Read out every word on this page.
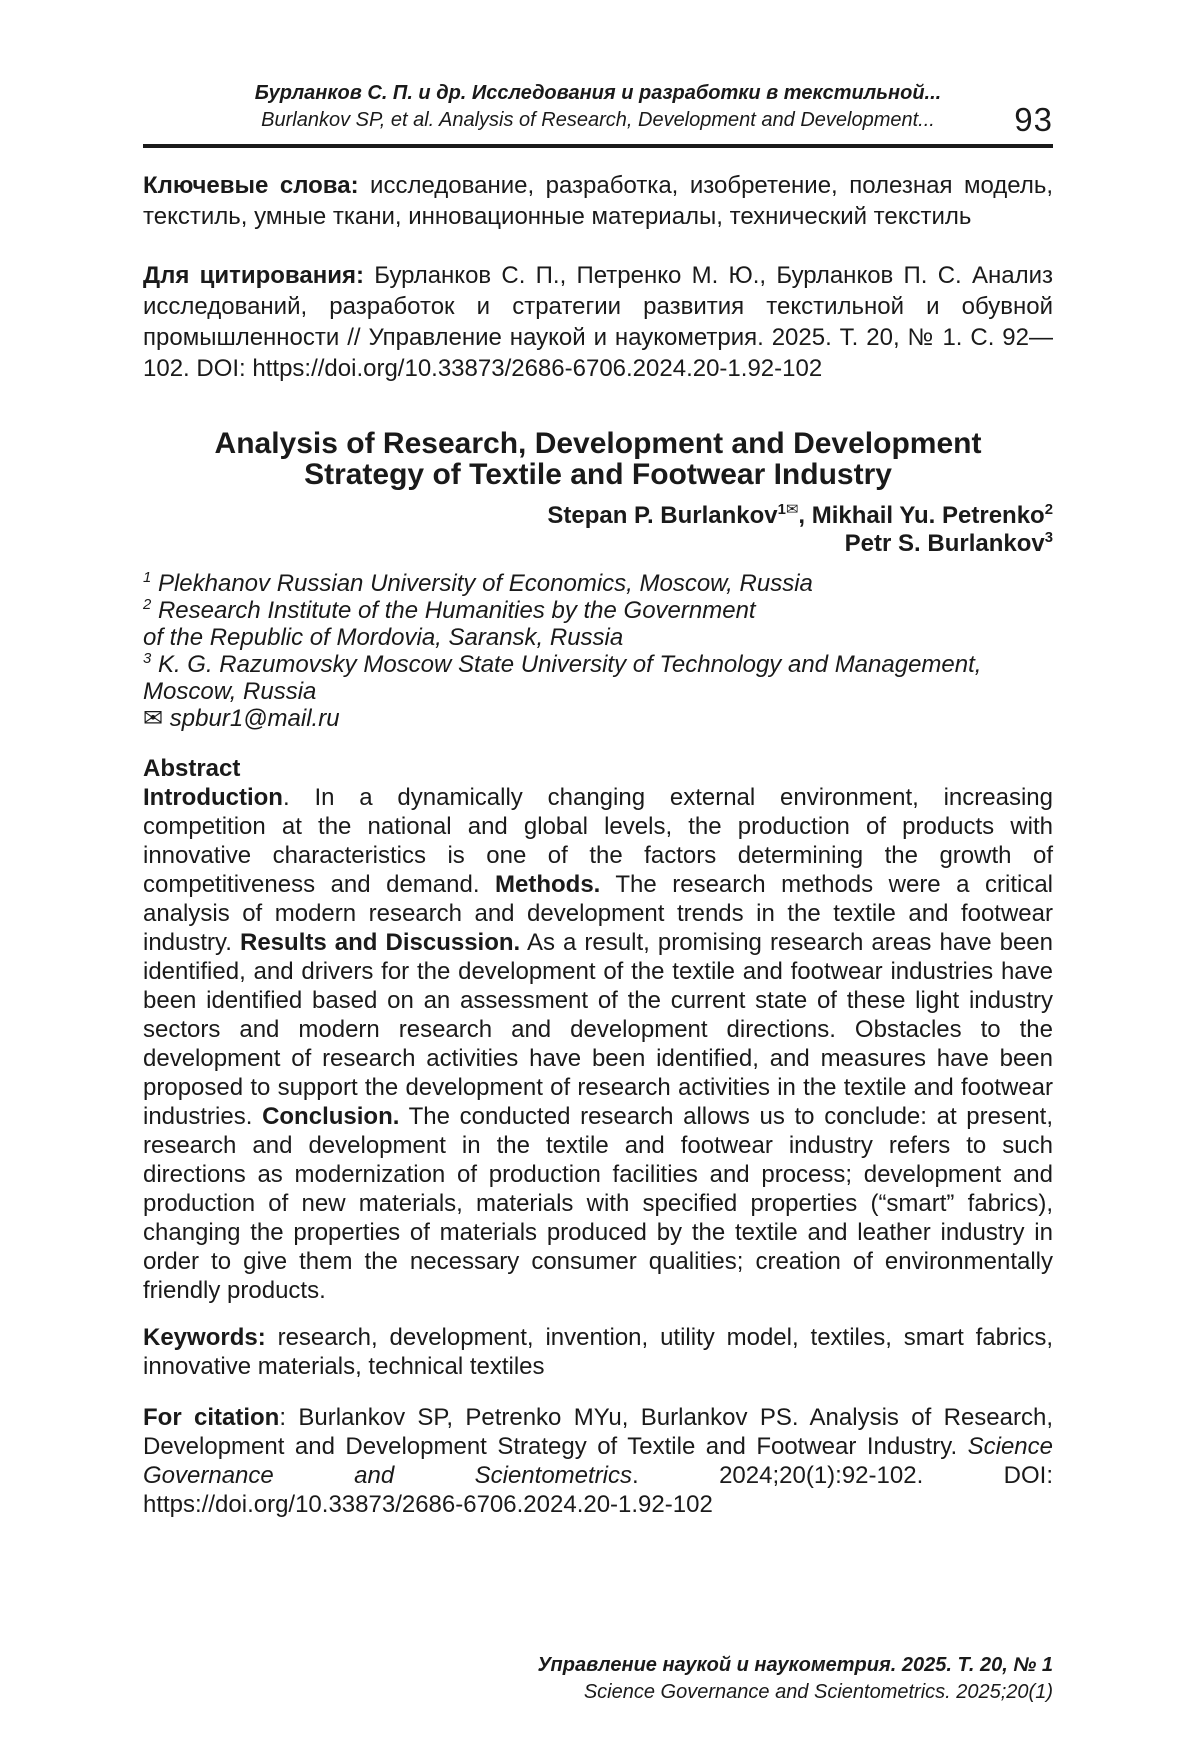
Бурланков С. П. и др. Исследования и разработки в текстильной...
Burlankov SP, et al. Analysis of Research, Development and Development...	93

Ключевые слова: исследование, разработка, изобретение, полезная модель, текстиль, умные ткани, инновационные материалы, технический текстиль

Для цитирования: Бурланков С. П., Петренко М. Ю., Бурланков П. С. Анализ исследований, разработок и стратегии развития текстильной и обувной промышленности // Управление наукой и наукометрия. 2025. Т. 20, № 1. С. 92—102. DOI: https://doi.org/10.33873/2686-6706.2024.20-1.92-102

Analysis of Research, Development and Development
Strategy of Textile and Footwear Industry
Stepan P. Burlankov$^{1✉}$, Mikhail Yu. Petrenko$^2$
Petr S. Burlankov$^3$
$^1$ Plekhanov Russian University of Economics, Moscow, Russia
$^2$ Research Institute of the Humanities by the Government
of the Republic of Mordovia, Saransk, Russia
$^3$ K. G. Razumovsky Moscow State University of Technology and Management,
Moscow, Russia
✉ spbur1@mail.ru
Abstract

Introduction. In a dynamically changing external environment, increasing competition at the national and global levels, the production of products with innovative characteristics is one of the factors determining the growth of competitiveness and demand. Methods. The research methods were a critical analysis of modern research and development trends in the textile and footwear industry. Results and Discussion. As a result, promising research areas have been identified, and drivers for the development of the textile and footwear industries have been identified based on an assessment of the current state of these light industry sectors and modern research and development directions. Obstacles to the development of research activities have been identified, and measures have been proposed to support the development of research activities in the textile and footwear industries. Conclusion. The conducted research allows us to conclude: at present, research and development in the textile and footwear industry refers to such directions as modernization of production facilities and process; development and production of new materials, materials with specified properties (“smart” fabrics), changing the properties of materials produced by the textile and leather industry in order to give them the necessary consumer qualities; creation of environmentally friendly products.

Keywords: research, development, invention, utility model, textiles, smart fabrics, innovative materials, technical textiles

For citation: Burlankov SP, Petrenko MYu, Burlankov PS. Analysis of Research, Development and Development Strategy of Textile and Footwear Industry. Science Governance and Scientometrics. 2024;20(1):92-102. DOI: https://doi.org/10.33873/2686-6706.2024.20-1.92-102

Управление наукой и наукометрия. 2025. Т. 20, № 1
Science Governance and Scientometrics. 2025;20(1)
